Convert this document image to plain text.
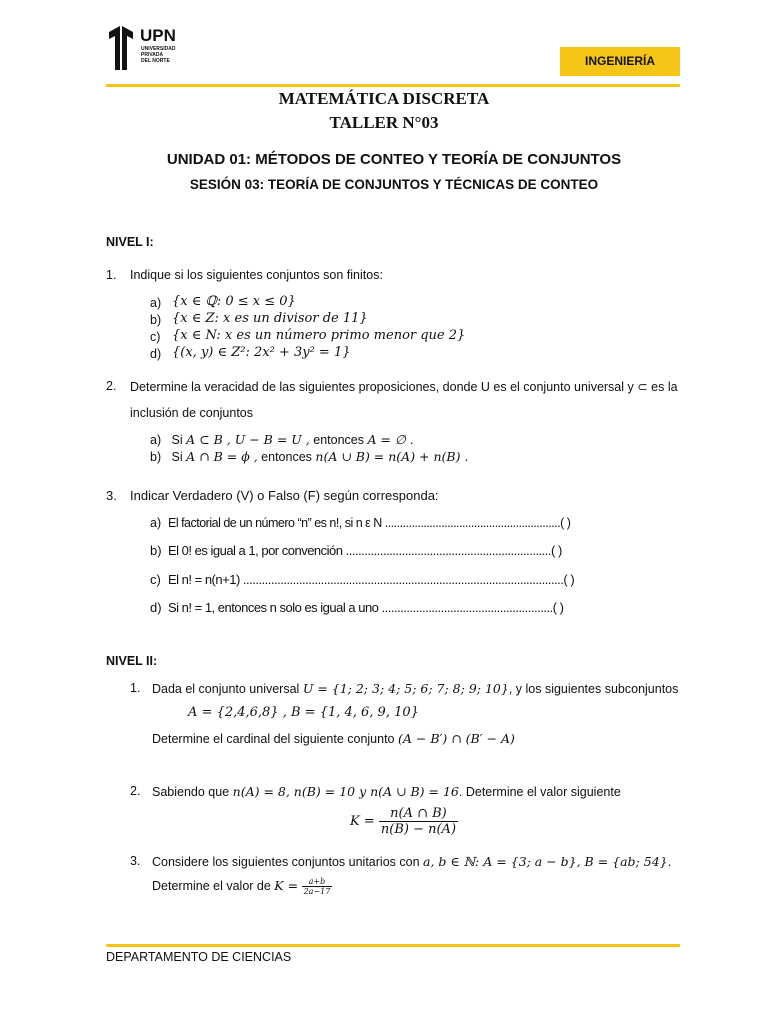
UPN
UNIVERSIDAD
PRIVADA
DEL NORTE	INGENIERÍA
MATEMÁTICA DISCRETA
TALLER N°03
UNIDAD 01: MÉTODOS DE CONTEO Y TEORÍA DE CONJUNTOS
SESIÓN 03: TEORÍA DE CONJUNTOS Y TÉCNICAS DE CONTEO
NIVEL I:
1. Indique si los siguientes conjuntos son finitos:
a) {x ∈ ℚ: 0 ≤ x ≤ 0}
b) {x ∈ Z: x es un divisor de 11}
c) {x ∈ N: x es un número primo menor que 2}
d) {(x, y) ∈ Z²: 2x² + 3y² = 1}
2. Determine la veracidad de las siguientes proposiciones, donde U es el conjunto universal y ⊂ es la
inclusión de conjuntos
a) Si A ⊂ B , U − B = U , entonces A = ∅ .
b) Si A ∩ B = ϕ , entonces n(A ∪ B) = n(A) + n(B) .
3. Indicar Verdadero (V) o Falso (F) según corresponda:
a) El factorial de un número “n” es n!, si n ε N ...........................................................( )
b) El 0! es igual a 1, por convención ..................................................................( )
c) El n! = n(n+1) .......................................................................................................( )
d) Si n! = 1, entonces n solo es igual a uno .......................................................( )
NIVEL II:
1. Dada el conjunto universal U = {1; 2; 3; 4; 5; 6; 7; 8; 9; 10}, y los siguientes subconjuntos
A = {2,4,6,8} , B = {1, 4, 6, 9, 10}
Determine el cardinal del siguiente conjunto (A − B′) ∩ (B′ − A)
2. Sabiendo que n(A) = 8, n(B) = 10 y n(A ∪ B) = 16. Determine el valor siguiente
$K = \frac{n(A \cap B)}{n(B) - n(A)}$
3. Considere los siguientes conjuntos unitarios con a, b ∈ ℕ: A = {3; a − b}, B = {ab; 54}.
Determine el valor de $K = \frac{a+b}{2a-17}$
DEPARTAMENTO DE CIENCIAS
